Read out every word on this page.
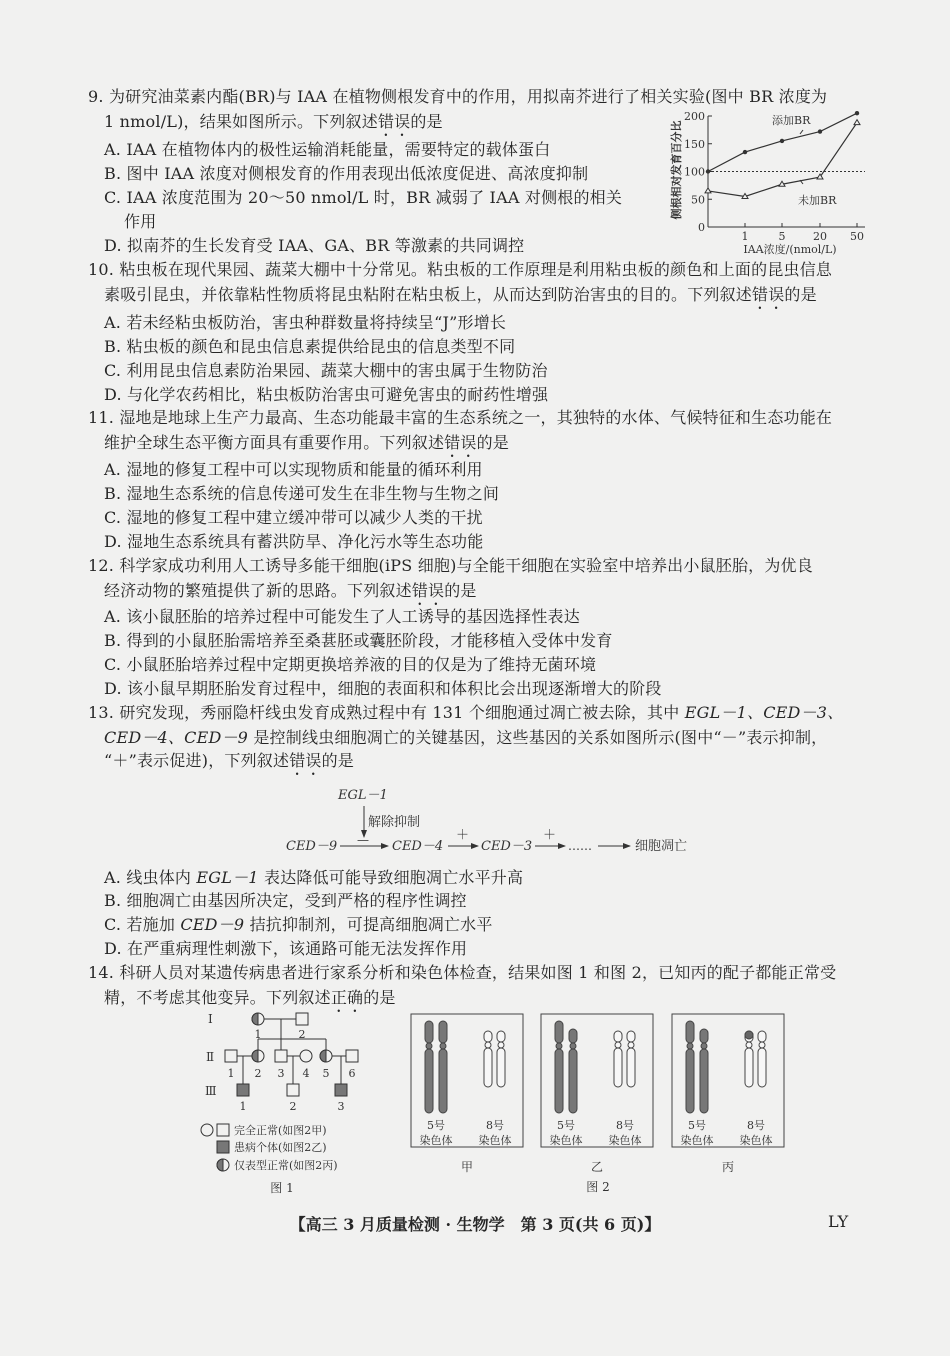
9. 为研究油菜素内酯(BR)与 IAA 在植物侧根发育中的作用，用拟南芥进行了相关实验(图中 BR 浓度为
1 nmol/L)，结果如图所示。下列叙述错误的是
A. IAA 在植物体内的极性运输消耗能量，需要特定的载体蛋白
B. 图中 IAA 浓度对侧根发育的作用表现出低浓度促进、高浓度抑制
C. IAA 浓度范围为 20～50 nmol/L 时，BR 减弱了 IAA 对侧根的相关
作用
D. 拟南芥的生长发育受 IAA、GA、BR 等激素的共同调控
0
50
100
150
200
1	5	20 50
侧根相对发育百分比
IAA浓度/(nmol/L)
添加BR
未加BR
10. 粘虫板在现代果园、蔬菜大棚中十分常见。粘虫板的工作原理是利用粘虫板的颜色和上面的昆虫信息
素吸引昆虫，并依靠粘性物质将昆虫粘附在粘虫板上，从而达到防治害虫的目的。下列叙述错误的是
A. 若未经粘虫板防治，害虫种群数量将持续呈“J”形增长
B. 粘虫板的颜色和昆虫信息素提供给昆虫的信息类型不同
C. 利用昆虫信息素防治果园、蔬菜大棚中的害虫属于生物防治
D. 与化学农药相比，粘虫板防治害虫可避免害虫的耐药性增强
11. 湿地是地球上生产力最高、生态功能最丰富的生态系统之一，其独特的水体、气候特征和生态功能在
维护全球生态平衡方面具有重要作用。下列叙述错误的是
A. 湿地的修复工程中可以实现物质和能量的循环利用
B. 湿地生态系统的信息传递可发生在非生物与生物之间
C. 湿地的修复工程中建立缓冲带可以减少人类的干扰
D. 湿地生态系统具有蓄洪防旱、净化污水等生态功能
12. 科学家成功利用人工诱导多能干细胞(iPS 细胞)与全能干细胞在实验室中培养出小鼠胚胎，为优良
经济动物的繁殖提供了新的思路。下列叙述错误的是
A. 该小鼠胚胎的培养过程中可能发生了人工诱导的基因选择性表达
B. 得到的小鼠胚胎需培养至桑葚胚或囊胚阶段，才能移植入受体中发育
C. 小鼠胚胎培养过程中定期更换培养液的目的仅是为了维持无菌环境
D. 该小鼠早期胚胎发育过程中，细胞的表面积和体积比会出现逐渐增大的阶段
13. 研究发现，秀丽隐杆线虫发育成熟过程中有 131 个细胞通过凋亡被去除，其中 EGL－1、CED－3、
CED－4、CED－9 是控制线虫细胞凋亡的关键基因，这些基因的关系如图所示(图中“－”表示抑制，
“＋”表示促进)，下列叙述错误的是
EGL－1
解除抑制
—
CED－9	CED－4
＋
CED－3
＋
……	细胞凋亡
A. 线虫体内 EGL－1 表达降低可能导致细胞凋亡水平升高
B. 细胞凋亡由基因所决定，受到严格的程序性调控
C. 若施加 CED－9 拮抗抑制剂，可提高细胞凋亡水平
D. 在严重病理性刺激下，该通路可能无法发挥作用
14. 科研人员对某遗传病患者进行家系分析和染色体检查，结果如图 1 和图 2，已知丙的配子都能正常受
精，不考虑其他变异。下列叙述正确的是
Ⅰ
Ⅱ
Ⅲ
1	2
1 2 3 4 5 6
1	2	3
完全正常(如图2甲)
患病个体(如图2乙)
仅表型正常(如图2丙)
图 1
5号
染色体
8号
染色体
甲
5号
染色体
8号
染色体
乙
5号
染色体
8号
染色体
丙
图 2
【高三 3 月质量检测 · 生物学　第 3 页(共 6 页)】	LY
